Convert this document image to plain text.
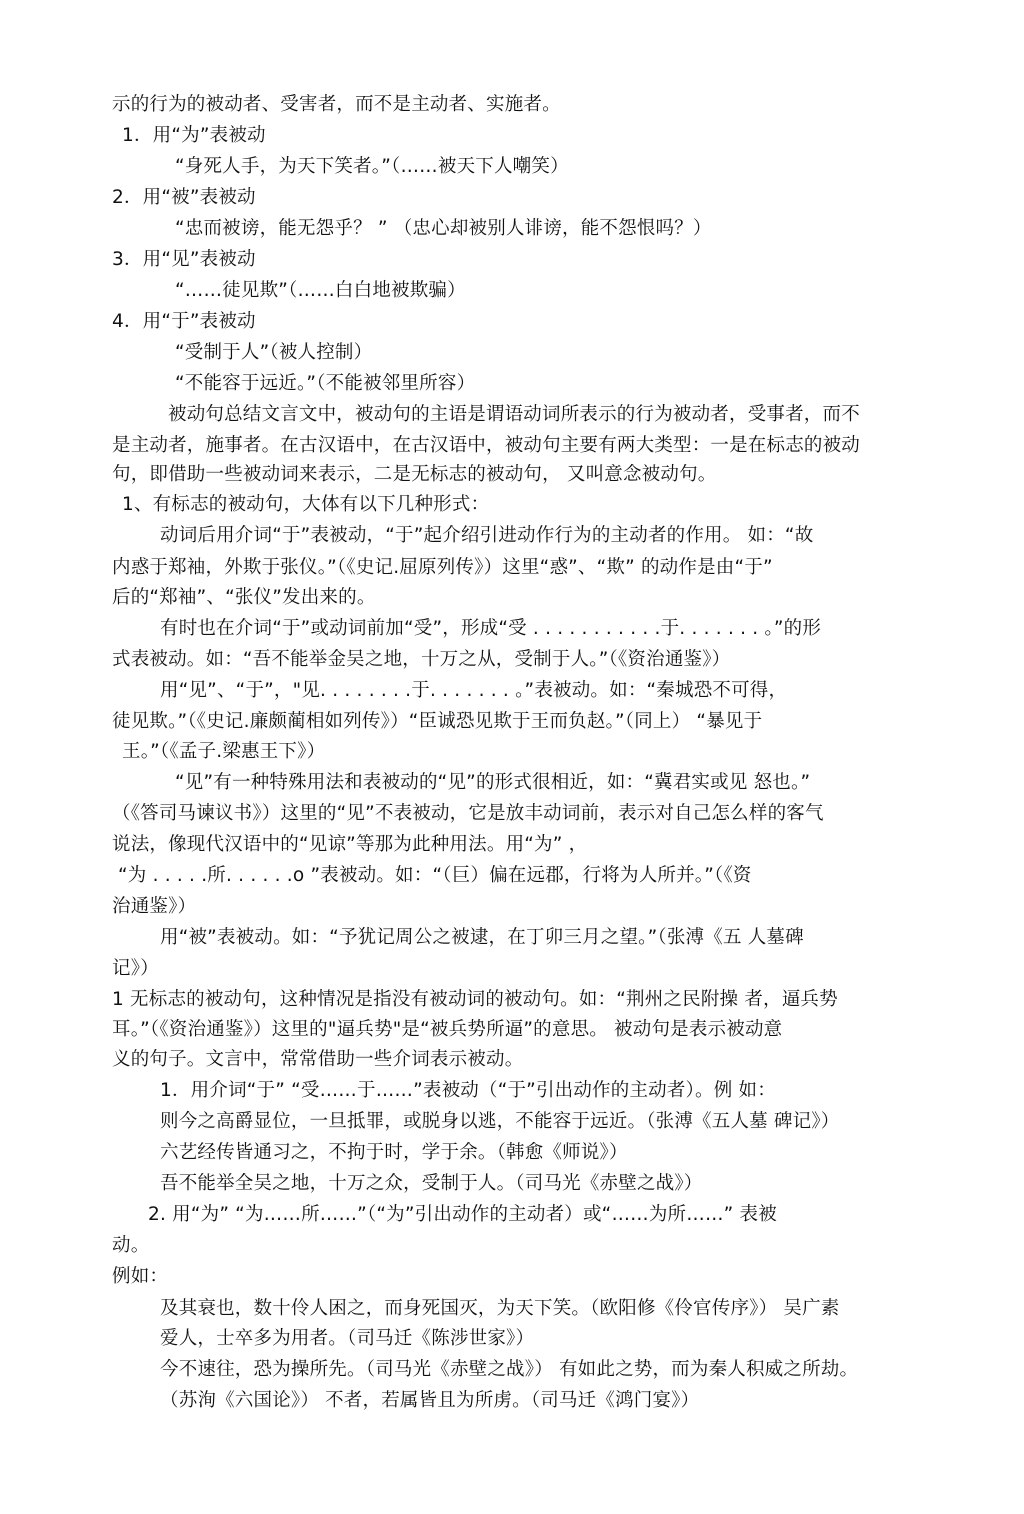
示的行为的被动者、受害者，而不是主动者、实施者。
1．用“为”表被动
“身死人手，为天下笑者。”（……被天下人嘲笑）
2．用“被”表被动
“忠而被谤，能无怨乎？ ” （忠心却被别人诽谤，能不怨恨吗？）
3．用“见”表被动
“……徒见欺”（……白白地被欺骗）
4．用“于”表被动
“受制于人”（被人控制）
“不能容于远近。”（不能被邻里所容）
被动句总结文言文中，被动句的主语是谓语动词所表示的行为被动者，受事者，而不
是主动者，施事者。在古汉语中，在古汉语中，被动句主要有两大类型：一是在标志的被动
句，即借助一些被动词来表示，二是无标志的被动句， 又叫意念被动句。
1、有标志的被动句，大体有以下几种形式：
动词后用介词“于”表被动，“于”起介绍引进动作行为的主动者的作用。 如：“故
内惑于郑袖，外欺于张仪。”（《史记.屈原列传》）这里“惑”、“欺” 的动作是由“于”
后的“郑袖”、“张仪”发出来的。
有时也在介词“于”或动词前加“受”，形成“受 . . . . . . . . . . .于. . . . . . . 。”的形
式表被动。如：“吾不能举金吴之地，十万之从，受制于人。”（《资治通鉴》）
用“见”、“于”，"见. . . . . . . .于. . . . . . . 。”表被动。如：“秦城恐不可得，
徒见欺。”（《史记.廉颇蔺相如列传》）“臣诚恐见欺于王而负赵。”（同上） “暴见于
王。”（《孟子.梁惠王下》）
“见”有一种特殊用法和表被动的“见”的形式很相近，如：“冀君实或见 怒也。”
（《答司马谏议书》）这里的“见”不表被动，它是放丰动词前，表示对自己怎么样的客气
说法，像现代汉语中的“见谅”等那为此种用法。用“为” ，
“为 . . . . .所. . . . . .o ”表被动。如：“（巨）偏在远郡，行将为人所并。”（《资
治通鉴》）
用“被”表被动。如：“予犹记周公之被逮，在丁卯三月之望。”（张溥《五 人墓碑
记》）
1 无标志的被动句，这种情况是指没有被动词的被动句。如：“荆州之民附操 者，逼兵势
耳。”（《资治通鉴》）这里的"逼兵势"是“被兵势所逼”的意思。 被动句是表示被动意
义的句子。文言中，常常借助一些介词表示被动。
1．用介词“于” “受……于……”表被动（“于”引出动作的主动者）。例 如：
则今之高爵显位，一旦抵罪，或脱身以逃，不能容于远近。（张溥《五人墓 碑记》）
六艺经传皆通习之，不拘于时，学于余。（韩愈《师说》）
吾不能举全吴之地，十万之众，受制于人。（司马光《赤壁之战》）
2. 用“为” “为……所……”（“为”引出动作的主动者）或“……为所……” 表被
动。
例如：
及其衰也，数十伶人困之，而身死国灭，为天下笑。（欧阳修《伶官传序》） 吴广素
爱人，士卒多为用者。（司马迁《陈涉世家》）
今不速往，恐为操所先。（司马光《赤壁之战》） 有如此之势，而为秦人积威之所劫。
（苏洵《六国论》） 不者，若属皆且为所虏。（司马迁《鸿门宴》）
